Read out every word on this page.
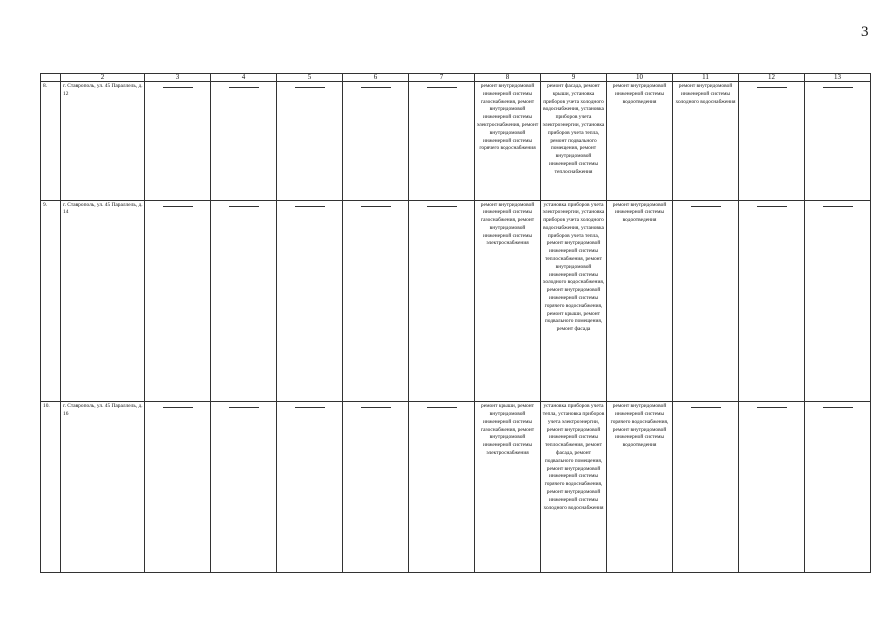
3
	2	3	4	5	6	7	8	9	10	11	12	13
8.	г. Ставрополь, ул. 45 Параллель, д. 12						ремонт внутридомовой инженерной системы газоснабжения, ремонт внутридомовой инженерной системы электроснабжения, ремонт внутридомовой инженерной системы горячего водоснабжения	ремонт фасада, ремонт крыши, установка приборов учета холодного водоснабжения, установка приборов учета электроэнергии, установка приборов учета тепла, ремонт подвального помещения, ремонт внутридомовой инженерной системы теплоснабжения	ремонт внутридомовой инженерной системы водоотведения	ремонт внутридомовой инженерной системы холодного водоснабжения	

9.	г. Ставрополь, ул. 45 Параллель, д. 14						ремонт внутридомовой инженерной системы газоснабжения, ремонт внутридомовой инженерной системы электроснабжения	установка приборов учета электроэнергии, установка приборов учета холодного водоснабжения, установка приборов учета тепла, ремонт внутридомовой инженерной системы теплоснабжения, ремонт внутридомовой инженерной системы холодного водоснабжения, ремонт внутридомовой инженерной системы горячего водоснабжения, ремонт крыши, ремонт подвального помещения, ремонт фасада	ремонт внутридомовой инженерной системы водоотведения	

10.	г. Ставрополь, ул. 45 Параллель, д. 16						ремонт крыши, ремонт внутридомовой инженерной системы газоснабжения, ремонт внутридомовой инженерной системы электроснабжения	установка приборов учета тепла, установка приборов учета электроэнергии, ремонт внутридомовой инженерной системы теплоснабжения, ремонт фасада, ремонт подвального помещения, ремонт внутридомовой инженерной системы горячего водоснабжения, ремонт внутридомовой инженерной системы холодного водоснабжения	ремонт внутридомовой инженерной системы горячего водоснабжения, ремонт внутридомовой инженерной системы водоотведения	
